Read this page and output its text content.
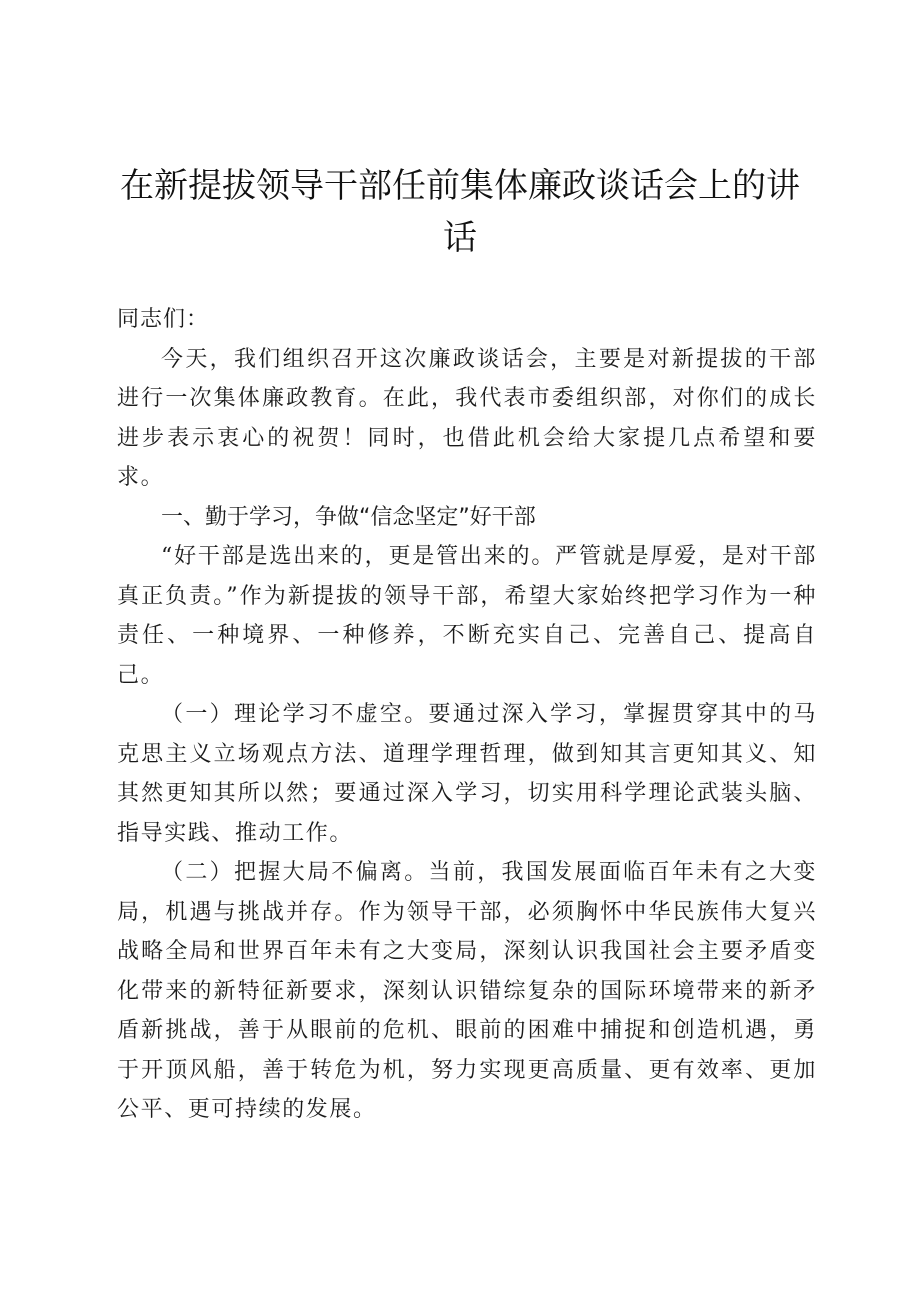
在新提拔领导干部任前集体廉政谈话会上的讲话

同志们：

今天，我们组织召开这次廉政谈话会，主要是对新提拔的干部进行一次集体廉政教育。在此，我代表市委组织部，对你们的成长进步表示衷心的祝贺！同时，也借此机会给大家提几点希望和要求。

一、勤于学习，争做“信念坚定”好干部

“好干部是选出来的，更是管出来的。严管就是厚爱，是对干部真正负责。”作为新提拔的领导干部，希望大家始终把学习作为一种责任、一种境界、一种修养，不断充实自己、完善自己、提高自己。

（一）理论学习不虚空。要通过深入学习，掌握贯穿其中的马克思主义立场观点方法、道理学理哲理，做到知其言更知其义、知其然更知其所以然；要通过深入学习，切实用科学理论武装头脑、指导实践、推动工作。

（二）把握大局不偏离。当前，我国发展面临百年未有之大变局，机遇与挑战并存。作为领导干部，必须胸怀中华民族伟大复兴战略全局和世界百年未有之大变局，深刻认识我国社会主要矛盾变化带来的新特征新要求，深刻认识错综复杂的国际环境带来的新矛盾新挑战，善于从眼前的危机、眼前的困难中捕捉和创造机遇，勇于开顶风船，善于转危为机，努力实现更高质量、更有效率、更加公平、更可持续的发展。
